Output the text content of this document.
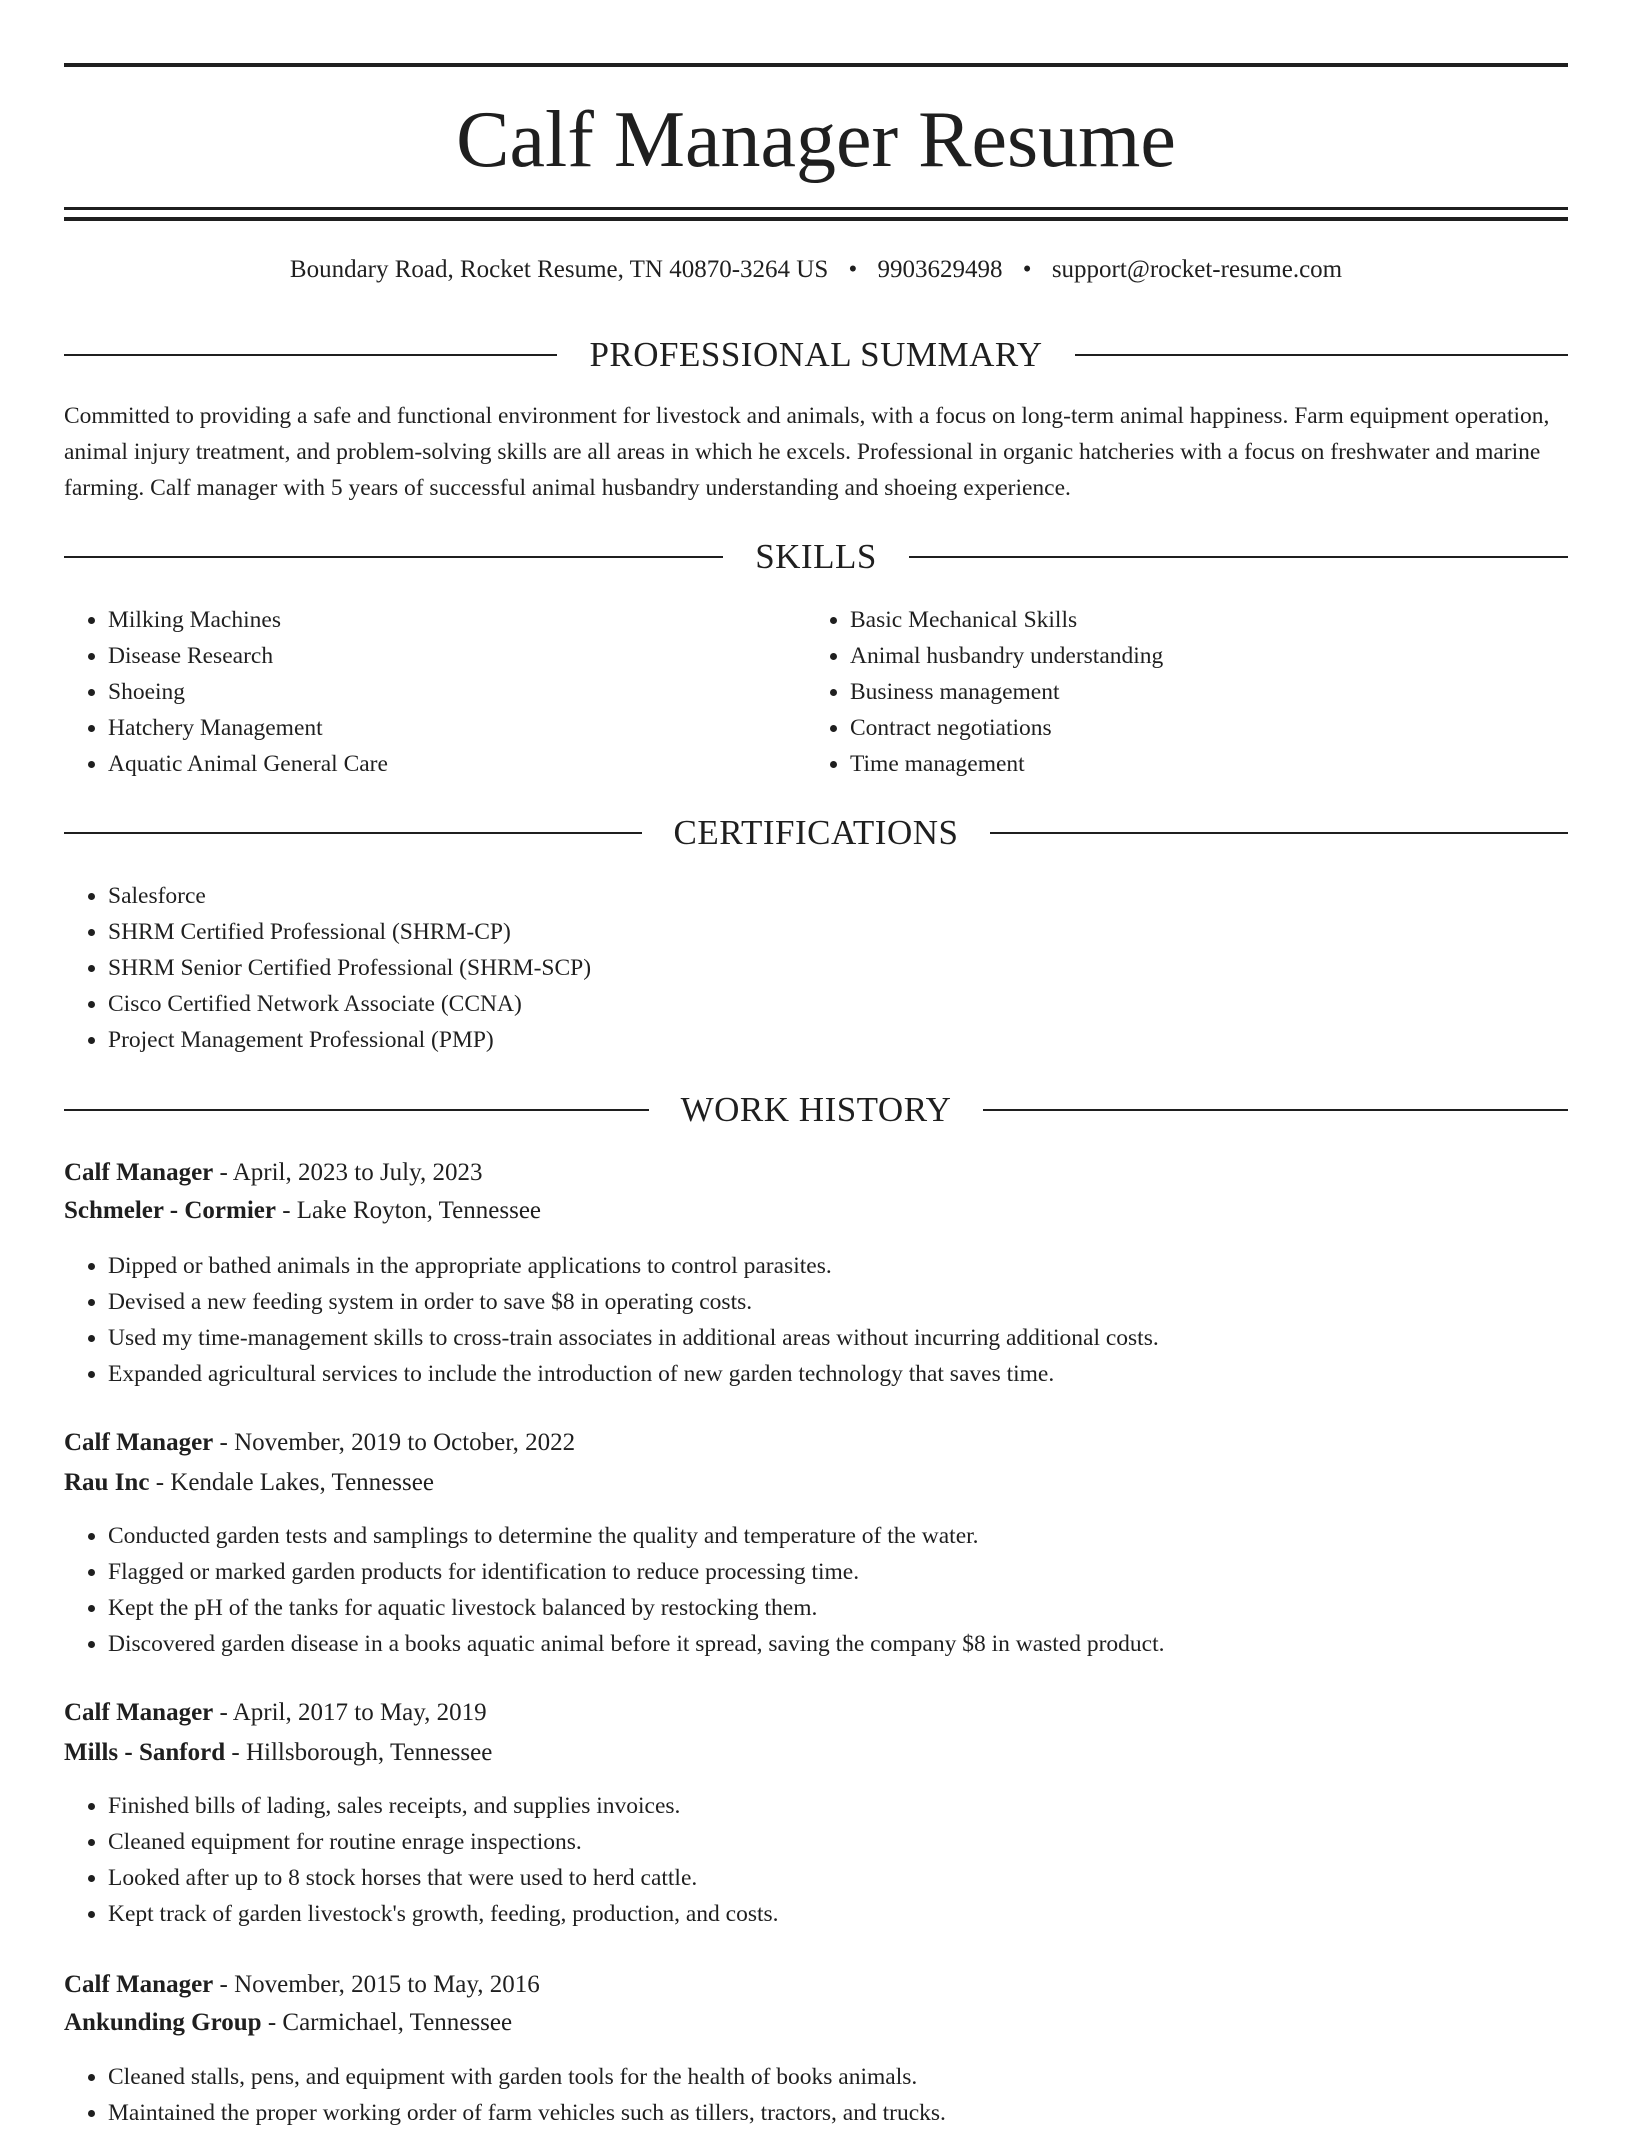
Calf Manager Resume
Boundary Road, Rocket Resume, TN 40870-3264 US • 9903629498 • support@rocket-resume.com
PROFESSIONAL SUMMARY

Committed to providing a safe and functional environment for livestock and animals, with a focus on long-term animal happiness. Farm equipment operation, animal injury treatment, and problem-solving skills are all areas in which he excels. Professional in organic hatcheries with a focus on freshwater and marine farming. Calf manager with 5 years of successful animal husbandry understanding and shoeing experience.

SKILLS
• Milking Machines
• Disease Research
• Shoeing
• Hatchery Management
• Aquatic Animal General Care
• Basic Mechanical Skills
• Animal husbandry understanding
• Business management
• Contract negotiations
• Time management
CERTIFICATIONS
• Salesforce
• SHRM Certified Professional (SHRM-CP)
• SHRM Senior Certified Professional (SHRM-SCP)
• Cisco Certified Network Associate (CCNA)
• Project Management Professional (PMP)
WORK HISTORY
Calf Manager - April, 2023 to July, 2023
Schmeler - Cormier - Lake Royton, Tennessee
• Dipped or bathed animals in the appropriate applications to control parasites.
• Devised a new feeding system in order to save $8 in operating costs.
• Used my time-management skills to cross-train associates in additional areas without incurring additional costs.
• Expanded agricultural services to include the introduction of new garden technology that saves time.
Calf Manager - November, 2019 to October, 2022
Rau Inc - Kendale Lakes, Tennessee
• Conducted garden tests and samplings to determine the quality and temperature of the water.
• Flagged or marked garden products for identification to reduce processing time.
• Kept the pH of the tanks for aquatic livestock balanced by restocking them.
• Discovered garden disease in a books aquatic animal before it spread, saving the company $8 in wasted product.
Calf Manager - April, 2017 to May, 2019
Mills - Sanford - Hillsborough, Tennessee
• Finished bills of lading, sales receipts, and supplies invoices.
• Cleaned equipment for routine enrage inspections.
• Looked after up to 8 stock horses that were used to herd cattle.
• Kept track of garden livestock's growth, feeding, production, and costs.
Calf Manager - November, 2015 to May, 2016
Ankunding Group - Carmichael, Tennessee
• Cleaned stalls, pens, and equipment with garden tools for the health of books animals.
• Maintained the proper working order of farm vehicles such as tillers, tractors, and trucks.
